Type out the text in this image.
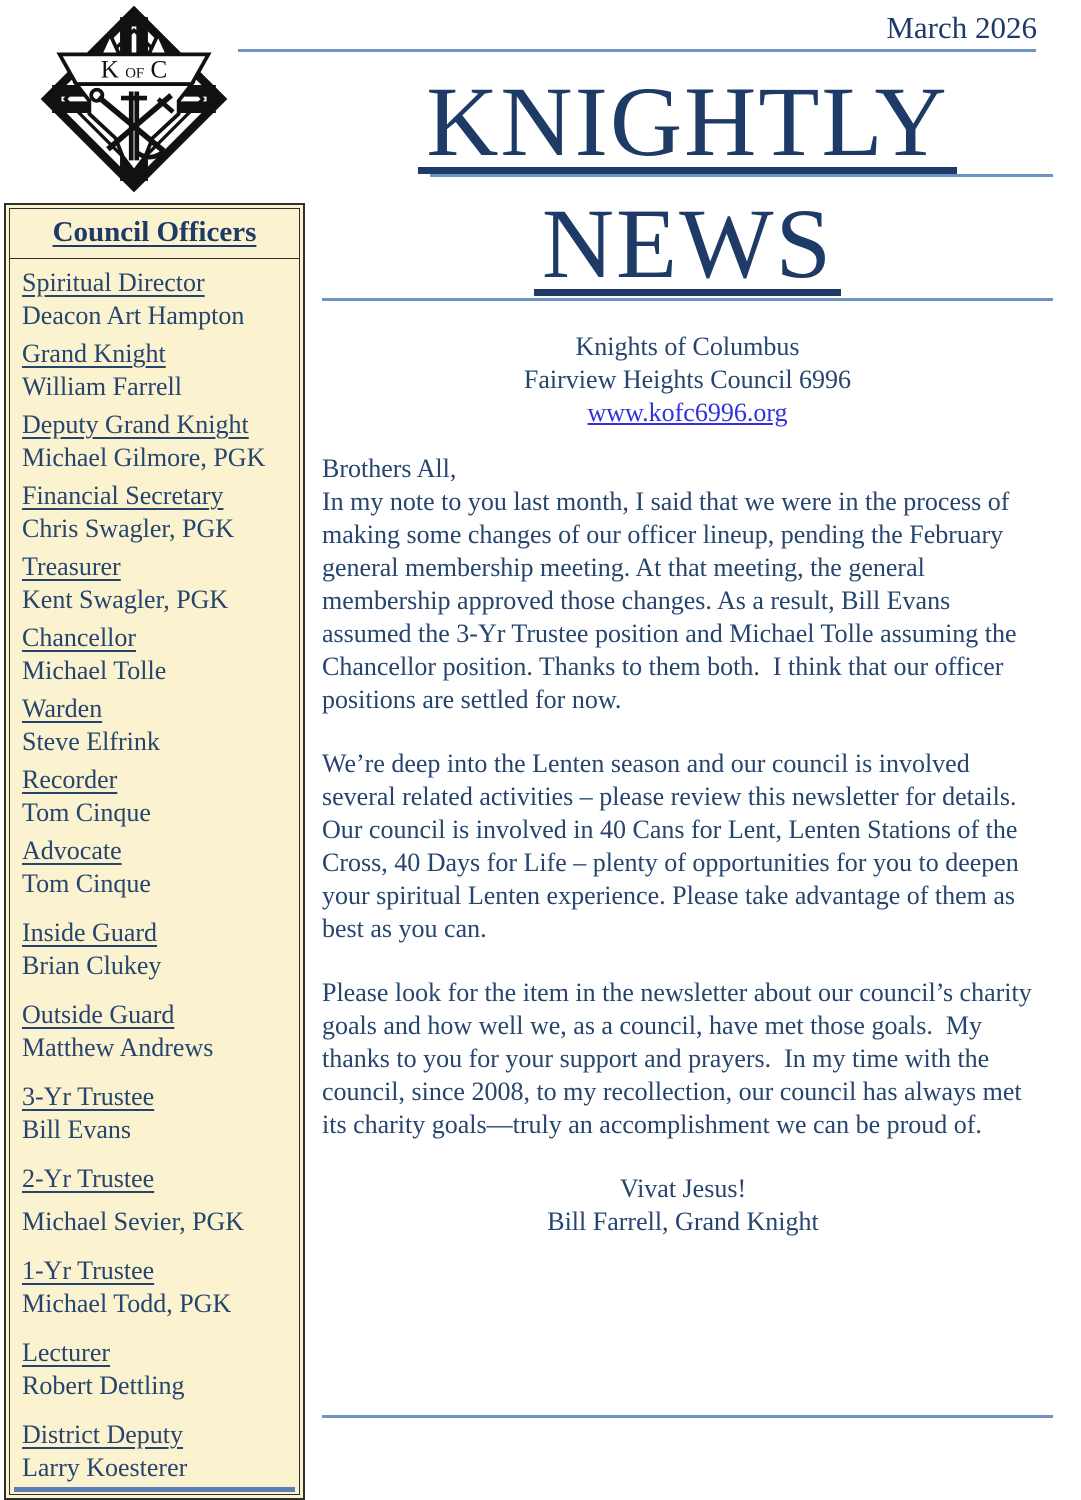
March 2026
K OF C	KNIGHTLY
NEWS
Knights of Columbus
Fairview Heights Council 6996
www.kofc6996.org
Council Officers
Spiritual Director
Deacon Art Hampton
Grand Knight
William Farrell
Deputy Grand Knight
Michael Gilmore, PGK
Financial Secretary
Chris Swagler, PGK
Treasurer
Kent Swagler, PGK
Chancellor
Michael Tolle
Warden
Steve Elfrink
Recorder
Tom Cinque
Advocate
Tom Cinque
Inside Guard
Brian Clukey
Outside Guard
Matthew Andrews
3-Yr Trustee
Bill Evans
2-Yr Trustee
Michael Sevier, PGK
1-Yr Trustee
Michael Todd, PGK
Lecturer
Robert Dettling
District Deputy
Larry Koesterer
Brothers All,

In my note to you last month, I said that we were in the process of making some changes of our officer lineup, pending the February general membership meeting. At that meeting, the general membership approved those changes. As a result, Bill Evans assumed the 3-Yr Trustee position and Michael Tolle assuming the Chancellor position. Thanks to them both.  I think that our officer positions are settled for now.

We’re deep into the Lenten season and our council is involved several related activities – please review this newsletter for details. Our council is involved in 40 Cans for Lent, Lenten Stations of the Cross, 40 Days for Life – plenty of opportunities for you to deepen your spiritual Lenten experience. Please take advantage of them as best as you can.

Please look for the item in the newsletter about our council’s charity goals and how well we, as a council, have met those goals.  My thanks to you for your support and prayers.  In my time with the council, since 2008, to my recollection, our council has always met its charity goals—truly an accomplishment we can be proud of.

Vivat Jesus!
Bill Farrell, Grand Knight
